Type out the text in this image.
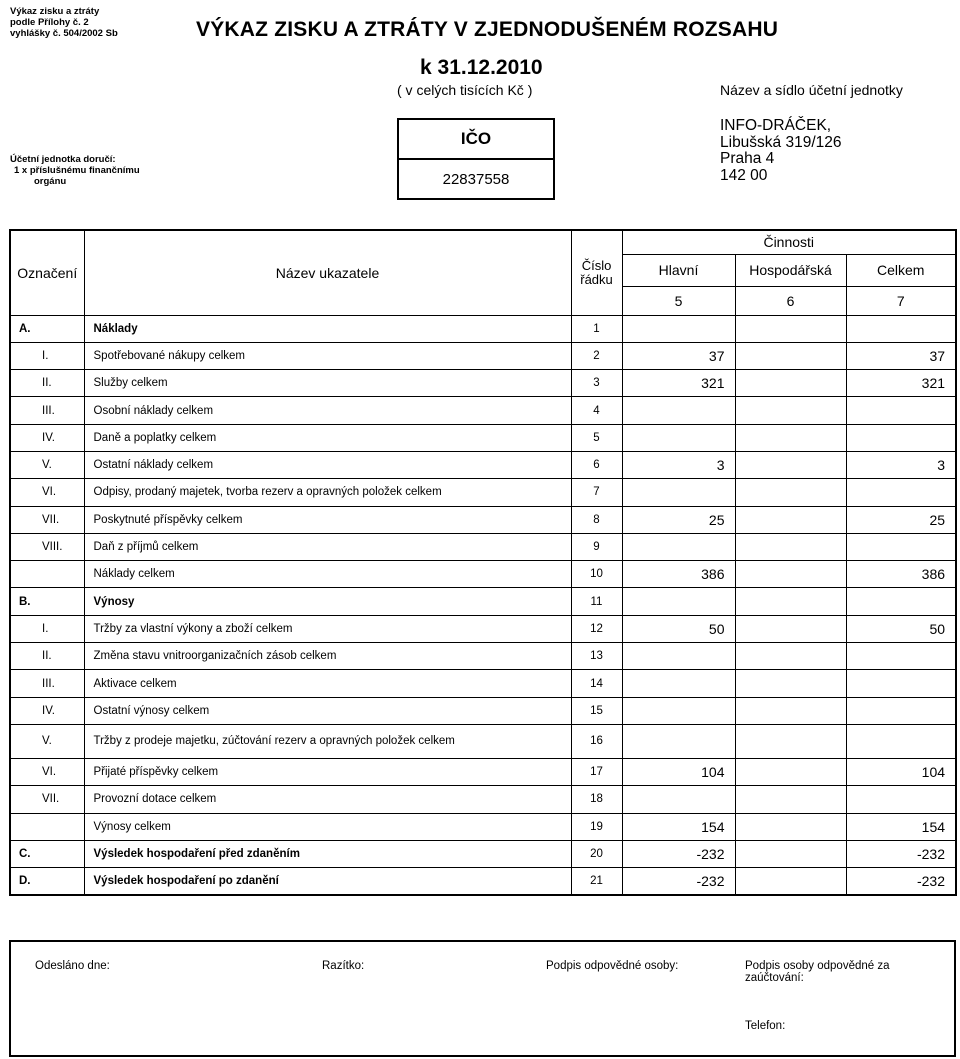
Výkaz zisku a ztráty
podle Přílohy č. 2
vyhlášky č. 504/2002 Sb	VÝKAZ ZISKU A ZTRÁTY V ZJEDNODUŠENÉM ROZSAHU
k 31.12.2010
( v celých tisících Kč )	Název a sídlo účetní jednotky
Účetní jednotka doručí:
1 x příslušnému finančnímu
orgánu
IČO
22837558
INFO-DRÁČEK,
Libušská 319/126
Praha 4
142 00
Označení	Název ukazatele	Číslo řádku	Činnosti		
			Hlavní	Hospodářská	Celkem
			5	6	7
A.	Náklady	1			
I.	Spotřebované nákupy celkem	2	37		37
II.	Služby celkem	3	321		321
III.	Osobní náklady celkem	4			
IV.	Daně a poplatky celkem	5			
V.	Ostatní náklady celkem	6	3		3
VI.	Odpisy, prodaný majetek, tvorba rezerv a opravných položek celkem	7			
VII.	Poskytnuté příspěvky celkem	8	25		25
VIII.	Daň z příjmů celkem	9			
	Náklady celkem	10	386		386
B.	Výnosy	11			
I.	Tržby za vlastní výkony a zboží celkem	12	50		50
II.	Změna stavu vnitroorganizačních zásob celkem	13			
III.	Aktivace celkem	14			
IV.	Ostatní výnosy celkem	15			
V.	Tržby z prodeje majetku, zúčtování rezerv a opravných položek celkem	16			
VI.	Přijaté příspěvky celkem	17	104		104
VII.	Provozní dotace celkem	18			
	Výnosy celkem	19	154		154
C.	Výsledek hospodaření před zdaněním	20	-232		-232
D.	Výsledek hospodaření po zdanění	21	-232		-232
Odesláno dne:	Razítko:	Podpis odpovědné osoby:	Podpis osoby odpovědné za zaúčtování:
Telefon:
